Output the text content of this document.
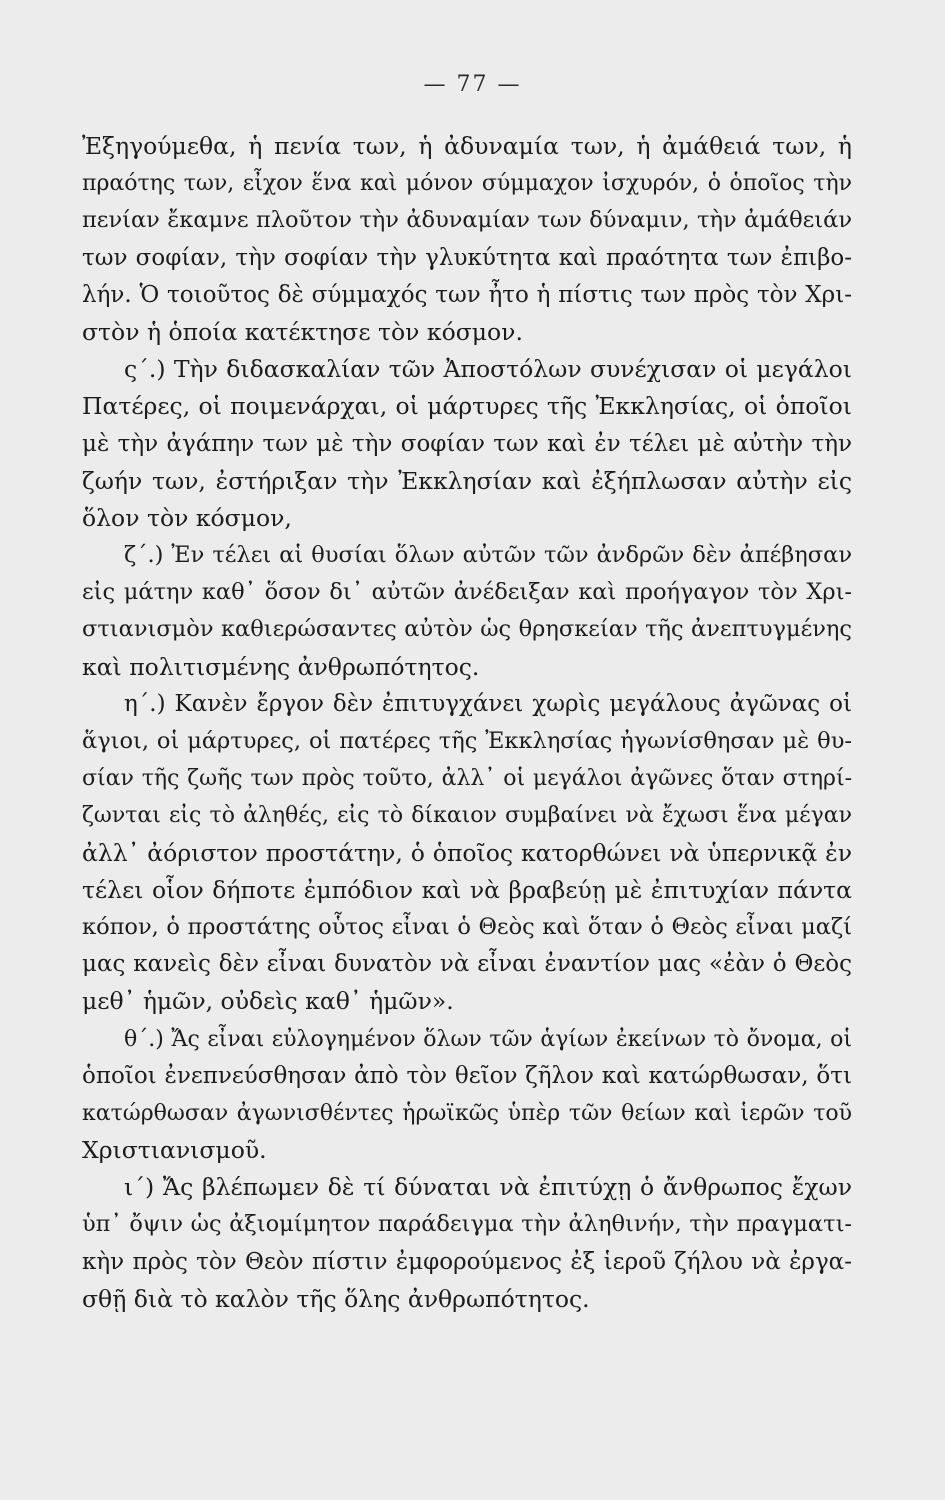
— 77 —
Ἐξηγούμεθα, ἡ πενία των, ἡ ἀδυναμία των, ἡ ἀμάθειά των, ἡ
πραότης των, εἶχον ἕνα καὶ μόνον σύμμαχον ἰσχυρόν, ὁ ὁποῖος τὴν
πενίαν ἔκαμνε πλοῦτον τὴν ἀδυναμίαν των δύναμιν, τὴν ἀμάθειάν
των σοφίαν, τὴν σοφίαν τὴν γλυκύτητα καὶ πραότητα των ἐπιβο-
λήν. Ὁ τοιοῦτος δὲ σύμμαχός των ἦτο ἡ πίστις των πρὸς τὸν Χρι-
στὸν ἡ ὁποία κατέκτησε τὸν κόσμον.
ς΄.) Τὴν διδασκαλίαν τῶν Ἀποστόλων συνέχισαν οἱ μεγάλοι
Πατέρες, οἱ ποιμενάρχαι, οἱ μάρτυρες τῆς Ἐκκλησίας, οἱ ὁποῖοι
μὲ τὴν ἀγάπην των μὲ τὴν σοφίαν των καὶ ἐν τέλει μὲ αὐτὴν τὴν
ζωήν των, ἐστήριξαν τὴν Ἐκκλησίαν καὶ ἐξήπλωσαν αὐτὴν εἰς
ὅλον τὸν κόσμον,
ζ΄.) Ἐν τέλει αἱ θυσίαι ὅλων αὐτῶν τῶν ἀνδρῶν δὲν ἀπέβησαν
εἰς μάτην καθ᾽ ὅσον δι᾽ αὐτῶν ἀνέδειξαν καὶ προήγαγον τὸν Χρι-
στιανισμὸν καθιερώσαντες αὐτὸν ὡς θρησκείαν τῆς ἀνεπτυγμένης
καὶ πολιτισμένης ἀνθρωπότητος.
η΄.) Κανὲν ἔργον δὲν ἐπιτυγχάνει χωρὶς μεγάλους ἀγῶνας οἱ
ἅγιοι, οἱ μάρτυρες, οἱ πατέρες τῆς Ἐκκλησίας ἠγωνίσθησαν μὲ θυ-
σίαν τῆς ζωῆς των πρὸς τοῦτο, ἀλλ᾽ οἱ μεγάλοι ἀγῶνες ὅταν στηρί-
ζωνται εἰς τὸ ἀληθές, εἰς τὸ δίκαιον συμβαίνει νὰ ἔχωσι ἕνα μέγαν
ἀλλ᾽ ἀόριστον προστάτην, ὁ ὁποῖος κατορθώνει νὰ ὑπερνικᾷ ἐν
τέλει οἷον δήποτε ἐμπόδιον καὶ νὰ βραβεύῃ μὲ ἐπιτυχίαν πάντα
κόπον, ὁ προστάτης οὗτος εἶναι ὁ Θεὸς καὶ ὅταν ὁ Θεὸς εἶναι μαζί
μας κανεὶς δὲν εἶναι δυνατὸν νὰ εἶναι ἐναντίον μας «ἐὰν ὁ Θεὸς
μεθ᾽ ἡμῶν, οὐδεὶς καθ᾽ ἡμῶν».
θ΄.) Ἄς εἶναι εὐλογημένον ὅλων τῶν ἁγίων ἐκείνων τὸ ὄνομα, οἱ
ὁποῖοι ἐνεπνεύσθησαν ἀπὸ τὸν θεῖον ζῆλον καὶ κατώρθωσαν, ὅτι
κατώρθωσαν ἀγωνισθέντες ἡρωϊκῶς ὑπὲρ τῶν θείων καὶ ἱερῶν τοῦ
Χριστιανισμοῦ.
ι΄) Ἄς βλέπωμεν δὲ τί δύναται νὰ ἐπιτύχῃ ὁ ἄνθρωπος ἔχων
ὑπ᾽ ὄψιν ὡς ἀξιομίμητον παράδειγμα τὴν ἀληθινήν, τὴν πραγματι-
κὴν πρὸς τὸν Θεὸν πίστιν ἐμφορούμενος ἐξ ἱεροῦ ζήλου νὰ ἐργα-
σθῇ διὰ τὸ καλὸν τῆς ὅλης ἀνθρωπότητος.
